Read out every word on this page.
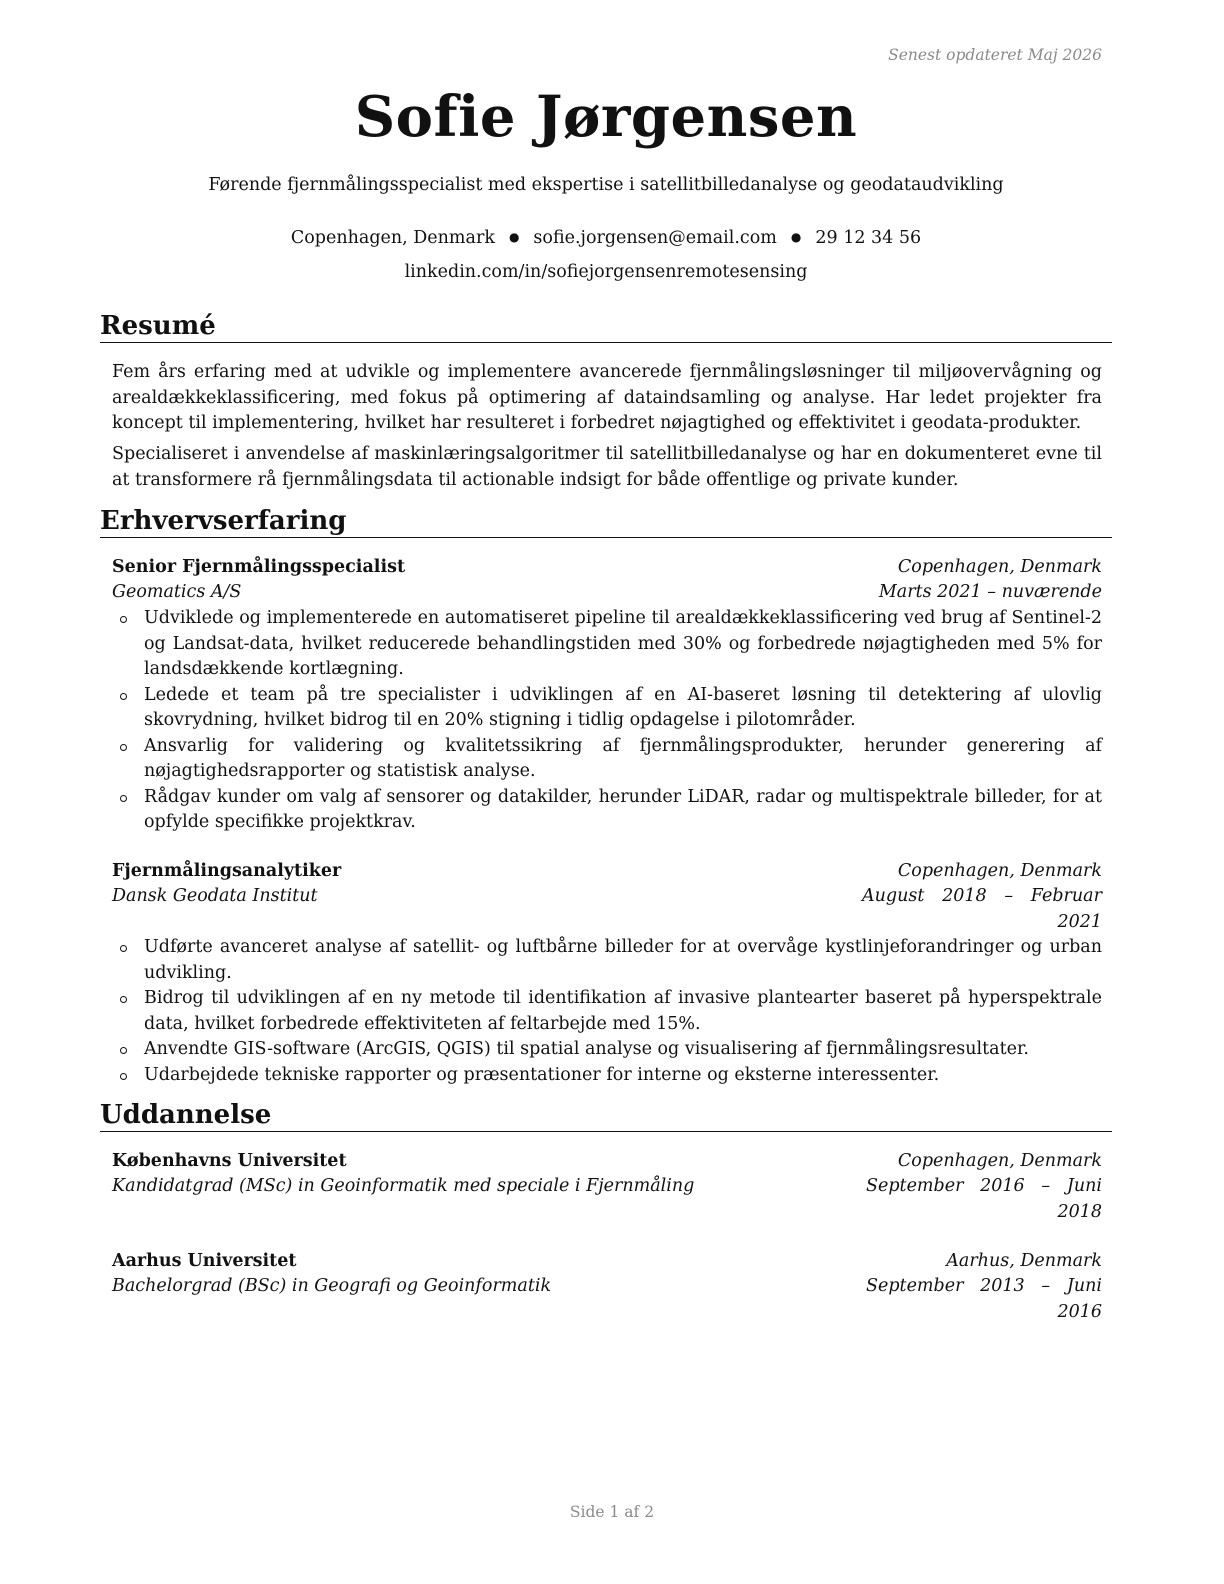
Senest opdateret Maj 2026
Sofie Jørgensen
Førende fjernmålingsspecialist med ekspertise i satellitbilledanalyse og geodataudvikling
Copenhagen, Denmark ● sofie.jorgensen@email.com ● 29 12 34 56
linkedin.com/in/sofiejorgensenremotesensing
Resumé
Fem års erfaring med at udvikle og implementere avancerede fjernmålingsløsninger til miljøovervågning og arealdækkeklassificering, med fokus på optimering af dataindsamling og analyse. Har ledet projekter fra koncept til implementering, hvilket har resulteret i forbedret nøjagtighed og effektivitet i geodata-produkter.
Specialiseret i anvendelse af maskinlæringsalgoritmer til satellitbilledanalyse og har en dokumenteret evne til at transformere rå fjernmålingsdata til actionable indsigt for både offentlige og private kunder.
Erhvervserfaring
Senior Fjernmålingsspecialist	Copenhagen, Denmark
Geomatics A/S	Marts 2021 – nuværende
Udviklede og implementerede en automatiseret pipeline til arealdækkeklassificering ved brug af Sentinel-2 og Landsat-data, hvilket reducerede behandlingstiden med 30% og forbedrede nøjagtigheden med 5% for landsdækkende kortlægning.
Ledede et team på tre specialister i udviklingen af en AI-baseret løsning til detektering af ulovlig skovrydning, hvilket bidrog til en 20% stigning i tidlig opdagelse i pilotområder.
Ansvarlig for validering og kvalitetssikring af fjernmålingsprodukter, herunder generering af nøjagtighedsrapporter og statistisk analyse.
Rådgav kunder om valg af sensorer og datakilder, herunder LiDAR, radar og multispektrale billeder, for at opfylde specifikke projektkrav.
Fjernmålingsanalytiker	Copenhagen, Denmark
Dansk Geodata Institut	August 2018 – Februar 2021
Udførte avanceret analyse af satellit- og luftbårne billeder for at overvåge kystlinjeforandringer og urban udvikling.
Bidrog til udviklingen af en ny metode til identifikation af invasive plantearter baseret på hyperspektrale data, hvilket forbedrede effektiviteten af feltarbejde med 15%.
Anvendte GIS-software (ArcGIS, QGIS) til spatial analyse og visualisering af fjernmålingsresultater.
Udarbejdede tekniske rapporter og præsentationer for interne og eksterne interessenter.
Uddannelse
Københavns Universitet	Copenhagen, Denmark
Kandidatgrad (MSc) in Geoinformatik med speciale i Fjernmåling	September 2016 – Juni 2018
Aarhus Universitet	Aarhus, Denmark
Bachelorgrad (BSc) in Geografi og Geoinformatik	September 2013 – Juni 2016
Side 1 af 2
